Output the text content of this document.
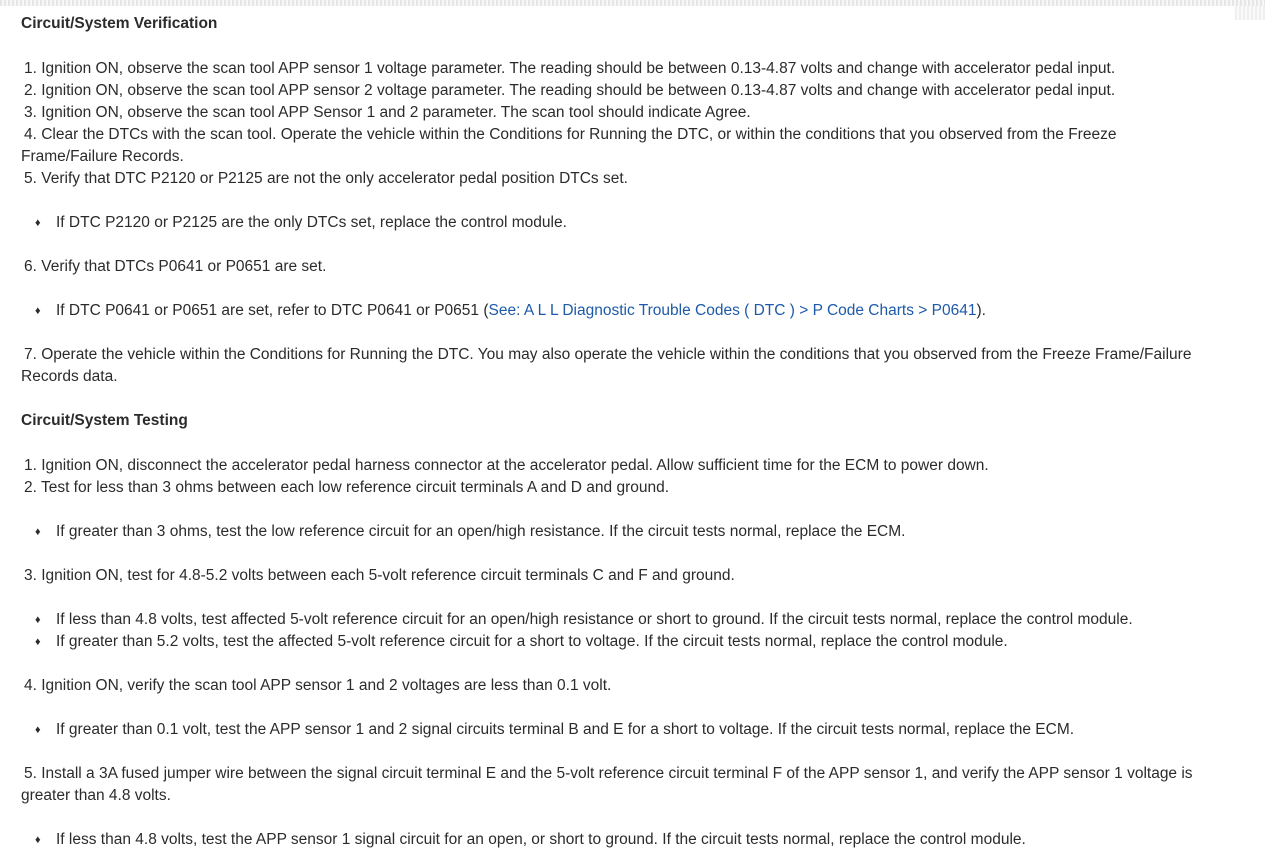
Circuit/System Verification
1. Ignition ON, observe the scan tool APP sensor 1 voltage parameter. The reading should be between 0.13-4.87 volts and change with accelerator pedal input.
2. Ignition ON, observe the scan tool APP sensor 2 voltage parameter. The reading should be between 0.13-4.87 volts and change with accelerator pedal input.
3. Ignition ON, observe the scan tool APP Sensor 1 and 2 parameter. The scan tool should indicate Agree.
4. Clear the DTCs with the scan tool. Operate the vehicle within the Conditions for Running the DTC, or within the conditions that you observed from the Freeze
Frame/Failure Records.
5. Verify that DTC P2120 or P2125 are not the only accelerator pedal position DTCs set.
♦ If DTC P2120 or P2125 are the only DTCs set, replace the control module.
6. Verify that DTCs P0641 or P0651 are set.
♦ If DTC P0641 or P0651 are set, refer to DTC P0641 or P0651 (See: A L L Diagnostic Trouble Codes ( DTC ) > P Code Charts > P0641).
7. Operate the vehicle within the Conditions for Running the DTC. You may also operate the vehicle within the conditions that you observed from the Freeze Frame/Failure
Records data.
Circuit/System Testing
1. Ignition ON, disconnect the accelerator pedal harness connector at the accelerator pedal. Allow sufficient time for the ECM to power down.
2. Test for less than 3 ohms between each low reference circuit terminals A and D and ground.
♦ If greater than 3 ohms, test the low reference circuit for an open/high resistance. If the circuit tests normal, replace the ECM.
3. Ignition ON, test for 4.8-5.2 volts between each 5-volt reference circuit terminals C and F and ground.
♦ If less than 4.8 volts, test affected 5-volt reference circuit for an open/high resistance or short to ground. If the circuit tests normal, replace the control module.
♦ If greater than 5.2 volts, test the affected 5-volt reference circuit for a short to voltage. If the circuit tests normal, replace the control module.
4. Ignition ON, verify the scan tool APP sensor 1 and 2 voltages are less than 0.1 volt.
♦ If greater than 0.1 volt, test the APP sensor 1 and 2 signal circuits terminal B and E for a short to voltage. If the circuit tests normal, replace the ECM.
5. Install a 3A fused jumper wire between the signal circuit terminal E and the 5-volt reference circuit terminal F of the APP sensor 1, and verify the APP sensor 1 voltage is
greater than 4.8 volts.
♦ If less than 4.8 volts, test the APP sensor 1 signal circuit for an open, or short to ground. If the circuit tests normal, replace the control module.
